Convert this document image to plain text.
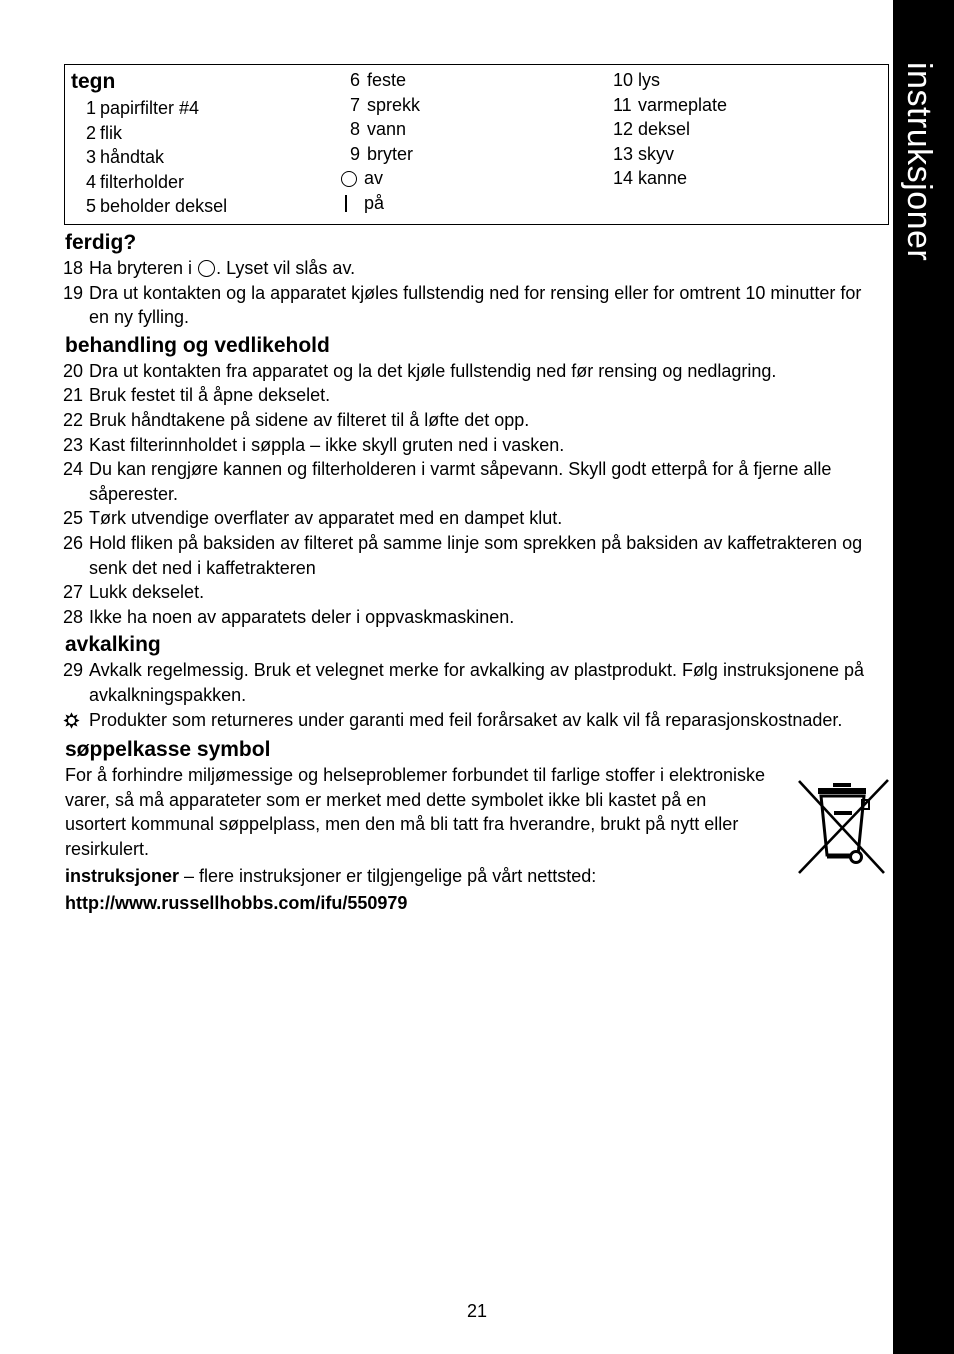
instruksjoner
tegn
1 papirfilter #4
2 flik
3 håndtak
4 filterholder
5 beholder deksel
6 feste
7 sprekk
8 vann
9 bryter
av
på
10 lys
11 varmeplate
12 deksel
13 skyv
14 kanne
ferdig?
18 Ha bryteren i . Lyset vil slås av.
19 Dra ut kontakten og la apparatet kjøles fullstendig ned for rensing eller for omtrent 10 minutter for en ny fylling.
behandling og vedlikehold
20 Dra ut kontakten fra apparatet og la det kjøle fullstendig ned før rensing og nedlagring.
21 Bruk festet til å åpne dekselet.
22 Bruk håndtakene på sidene av filteret til å løfte det opp.
23 Kast filterinnholdet i søppla – ikke skyll gruten ned i vasken.
24 Du kan rengjøre kannen og filterholderen i varmt såpevann. Skyll godt etterpå for å fjerne alle såperester.
25 Tørk utvendige overflater av apparatet med en dampet klut.
26 Hold fliken på baksiden av filteret på samme linje som sprekken på baksiden av kaffetrakteren og senk det ned i kaffetrakteren
27 Lukk dekselet.
28 Ikke ha noen av apparatets deler i oppvaskmaskinen.
avkalking
29 Avkalk regelmessig. Bruk et velegnet merke for avkalking av plastprodukt. Følg instruksjonene på avkalkningspakken.
Produkter som returneres under garanti med feil forårsaket av kalk vil få reparasjonskostnader.
søppelkasse symbol

For å forhindre miljømessige og helseproblemer forbundet til farlige stoffer i elektroniske varer, så må apparateter som er merket med dette symbolet ikke bli kastet på en usortert kommunal søppelplass, men den må bli tatt fra hverandre, brukt på nytt eller resirkulert.

instruksjoner – flere instruksjoner er tilgjengelige på vårt nettsted:

http://www.russellhobbs.com/ifu/550979

21
